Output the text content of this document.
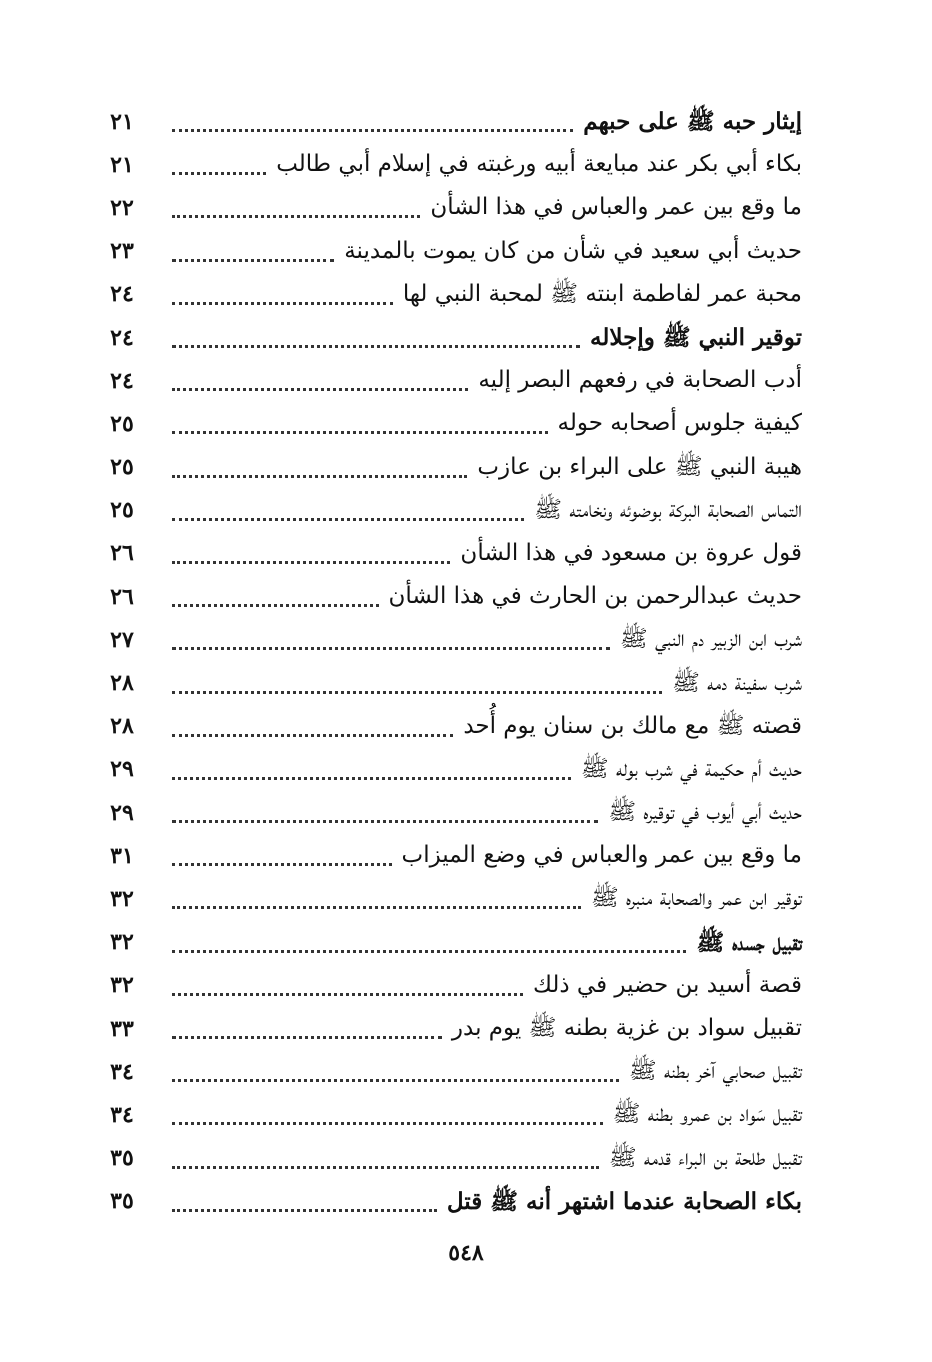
إيثار حبه ﷺ على حبهم
٢١
بكاء أبي بكر عند مبايعة أبيه ورغبته في إسلام أبي طالب
٢١
ما وقع بين عمر والعباس في هذا الشأن
٢٢
حديث أبي سعيد في شأن من كان يموت بالمدينة
٢٣
محبة عمر لفاطمة ابنته ﷺ لمحبة النبي لها
٢٤
توقير النبي ﷺ وإجلاله
٢٤
أدب الصحابة في رفعهم البصر إليه
٢٤
كيفية جلوس أصحابه حوله
٢٥
هيبة النبي ﷺ على البراء بن عازب
٢٥
التماس الصحابة البركة بوضوئه ونخامته ﷺ
٢٥
قول عروة بن مسعود في هذا الشأن
٢٦
حديث عبدالرحمن بن الحارث في هذا الشأن
٢٦
شرب ابن الزبير دم النبي ﷺ
٢٧
شرب سفينة دمه ﷺ
٢٨
قصته ﷺ مع مالك بن سنان يوم أُحد
٢٨
حديث أم حكيمة في شرب بوله ﷺ
٢٩
حديث أبي أيوب في توقيره ﷺ
٢٩
ما وقع بين عمر والعباس في وضع الميزاب
٣١
توقير ابن عمر والصحابة منبره ﷺ
٣٢
تقبيل جسده ﷺ
٣٢
قصة أسيد بن حضير في ذلك
٣٢
تقبيل سواد بن غزية بطنه ﷺ يوم بدر
٣٣
تقبيل صحابي آخر بطنه ﷺ
٣٤
تقبيل سَواد بن عمرو بطنه ﷺ
٣٤
تقبيل طلحة بن البراء قدمه ﷺ
٣٥
بكاء الصحابة عندما اشتهر أنه ﷺ قتل
٣٥
٥٤٨
